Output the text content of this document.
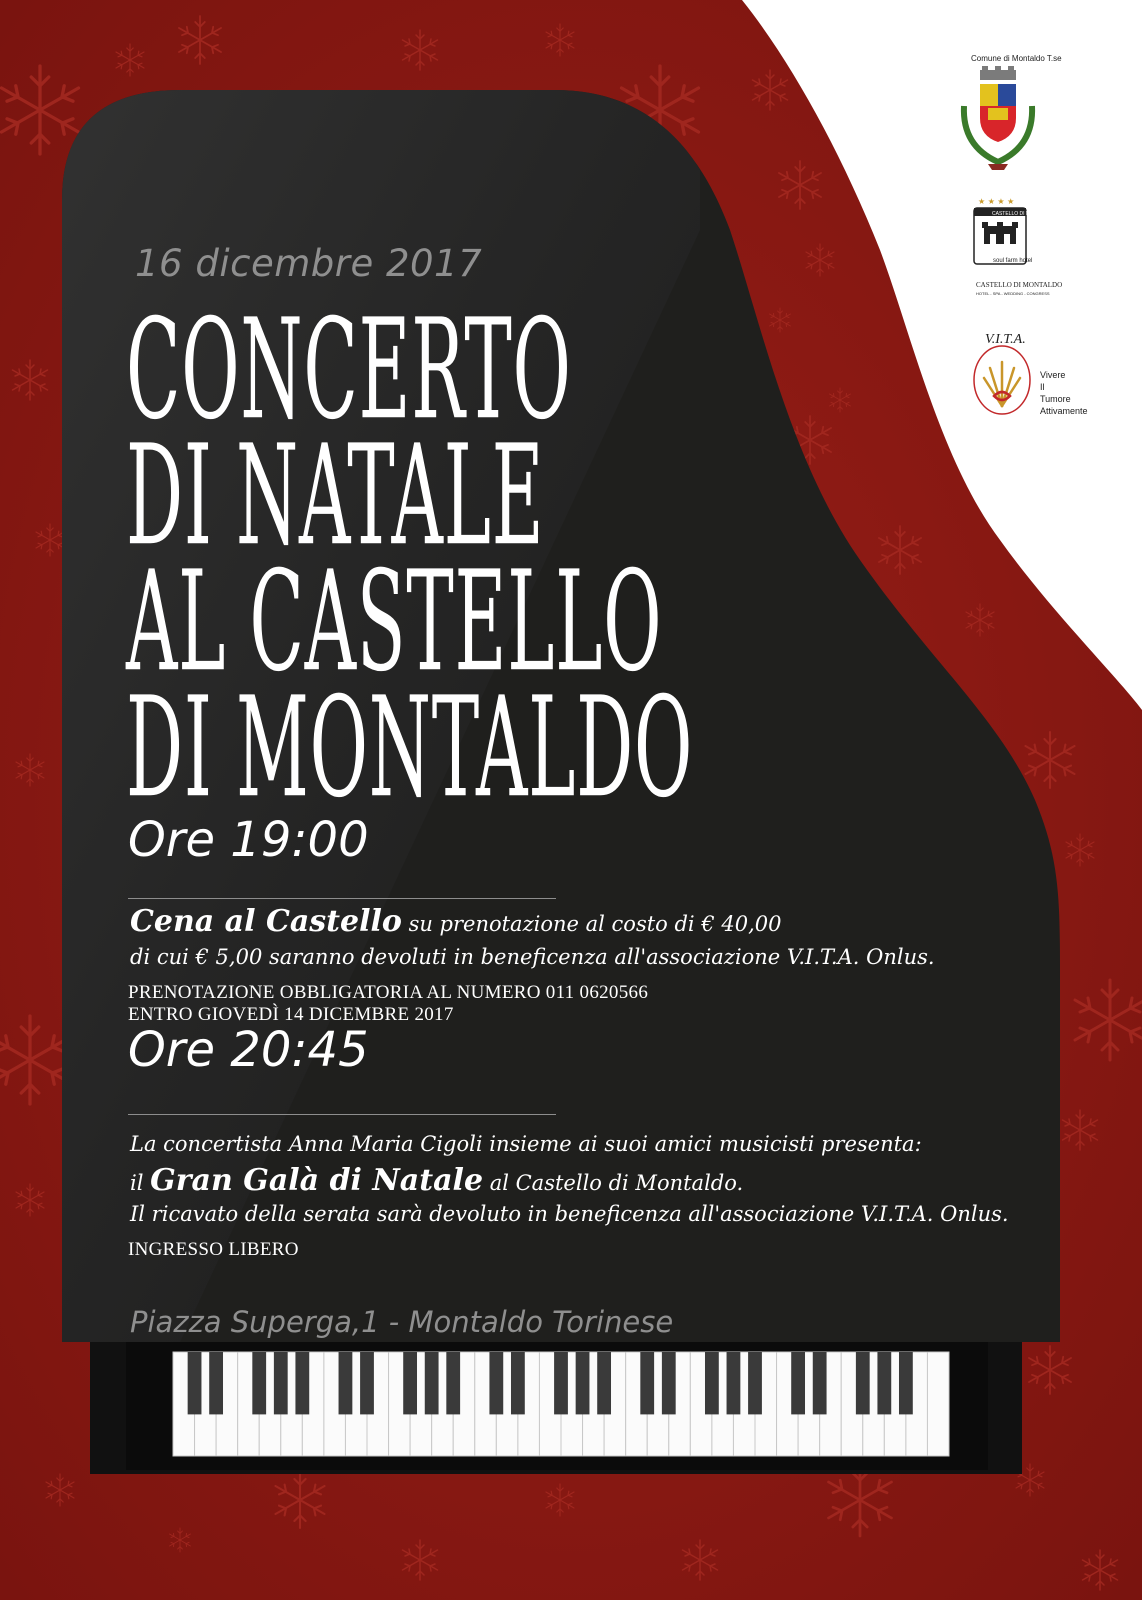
16 dicembre 2017

CONCERTO

DI NATALE

AL CASTELLO

DI MONTALDO

Ore 19:00

Cena al Castello su prenotazione al costo di € 40,00

di cui € 5,00 saranno devoluti in beneficenza all'associazione V.I.T.A. Onlus.

PRENOTAZIONE OBBLIGATORIA AL NUMERO 011 0620566

ENTRO GIOVEDÌ 14 DICEMBRE 2017

Ore 20:45

La concertista Anna Maria Cigoli insieme ai suoi amici musicisti presenta:

il Gran Galà di Natale al Castello di Montaldo.

Il ricavato della serata sarà devoluto in beneficenza all'associazione V.I.T.A. Onlus.

INGRESSO LIBERO

Piazza Superga,1 - Montaldo Torinese

Comune di Montaldo T.se
★ ★ ★ ★
CASTELLO DI MONTALDO
soul farm hotel
CASTELLO DI MONTALDO
HOTEL - SPA - WEDDING - CONGRESS
V.I.T.A.
Vivere
Il
Tumore
Attivamente
